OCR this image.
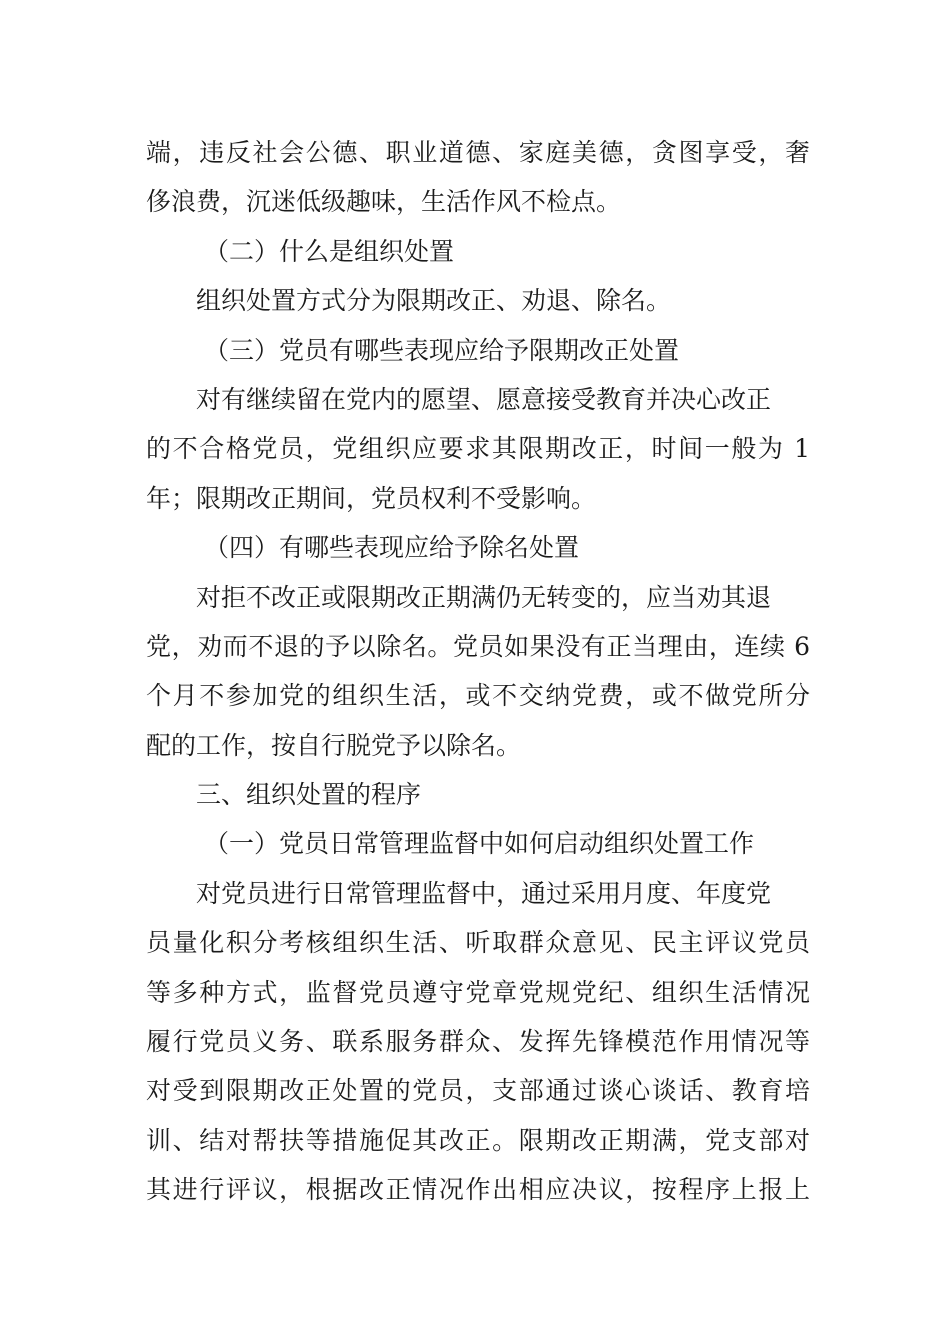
端，违反社会公德、职业道德、家庭美德，贪图享受，奢
侈浪费，沉迷低级趣味，生活作风不检点。
（二）什么是组织处置
组织处置方式分为限期改正、劝退、除名。
（三）党员有哪些表现应给予限期改正处置
对有继续留在党内的愿望、愿意接受教育并决心改正
的不合格党员，党组织应要求其限期改正，时间一般为 1
年；限期改正期间，党员权利不受影响。
（四）有哪些表现应给予除名处置
对拒不改正或限期改正期满仍无转变的，应当劝其退
党，劝而不退的予以除名。党员如果没有正当理由，连续 6
个月不参加党的组织生活，或不交纳党费，或不做党所分
配的工作，按自行脱党予以除名。
三、组织处置的程序
（一）党员日常管理监督中如何启动组织处置工作
对党员进行日常管理监督中，通过采用月度、年度党
员量化积分考核组织生活、听取群众意见、民主评议党员
等多种方式，监督党员遵守党章党规党纪、组织生活情况
履行党员义务、联系服务群众、发挥先锋模范作用情况等
对受到限期改正处置的党员，支部通过谈心谈话、教育培
训、结对帮扶等措施促其改正。限期改正期满，党支部对
其进行评议，根据改正情况作出相应决议，按程序上报上
